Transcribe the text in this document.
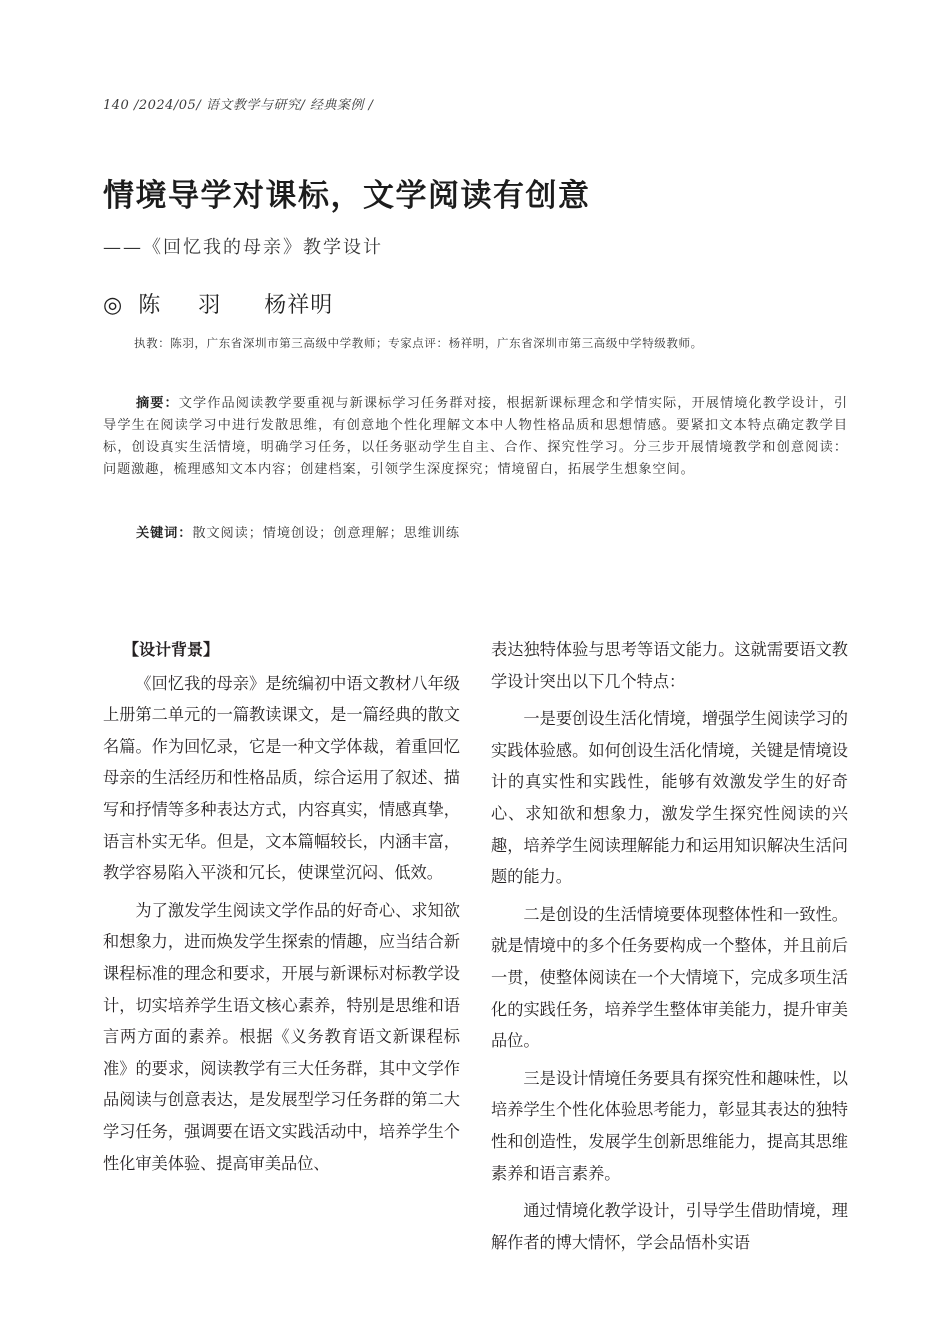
140 /2024/05/ 语文教学与研究/ 经典案例 /
情境导学对课标，文学阅读有创意
——《回忆我的母亲》教学设计
◎陈 羽 杨祥明
执教：陈羽，广东省深圳市第三高级中学教师；专家点评：杨祥明，广东省深圳市第三高级中学特级教师。
摘要：文学作品阅读教学要重视与新课标学习任务群对接，根据新课标理念和学情实际，开展情境化教学设计，引导学生在阅读学习中进行发散思维，有创意地个性化理解文本中人物性格品质和思想情感。要紧扣文本特点确定教学目标，创设真实生活情境，明确学习任务，以任务驱动学生自主、合作、探究性学习。分三步开展情境教学和创意阅读：问题激趣，梳理感知文本内容；创建档案，引领学生深度探究；情境留白，拓展学生想象空间。
关键词：散文阅读；情境创设；创意理解；思维训练
【设计背景】

《回忆我的母亲》是统编初中语文教材八年级上册第二单元的一篇教读课文，是一篇经典的散文名篇。作为回忆录，它是一种文学体裁，着重回忆母亲的生活经历和性格品质，综合运用了叙述、描写和抒情等多种表达方式，内容真实，情感真挚，语言朴实无华。但是，文本篇幅较长，内涵丰富，教学容易陷入平淡和冗长，使课堂沉闷、低效。

为了激发学生阅读文学作品的好奇心、求知欲和想象力，进而焕发学生探索的情趣，应当结合新课程标准的理念和要求，开展与新课标对标教学设计，切实培养学生语文核心素养，特别是思维和语言两方面的素养。根据《义务教育语文新课程标准》的要求，阅读教学有三大任务群，其中文学作品阅读与创意表达，是发展型学习任务群的第二大学习任务，强调要在语文实践活动中，培养学生个性化审美体验、提高审美品位、

表达独特体验与思考等语文能力。这就需要语文教学设计突出以下几个特点：

一是要创设生活化情境，增强学生阅读学习的实践体验感。如何创设生活化情境，关键是情境设计的真实性和实践性，能够有效激发学生的好奇心、求知欲和想象力，激发学生探究性阅读的兴趣，培养学生阅读理解能力和运用知识解决生活问题的能力。

二是创设的生活情境要体现整体性和一致性。就是情境中的多个任务要构成一个整体，并且前后一贯，使整体阅读在一个大情境下，完成多项生活化的实践任务，培养学生整体审美能力，提升审美品位。

三是设计情境任务要具有探究性和趣味性，以培养学生个性化体验思考能力，彰显其表达的独特性和创造性，发展学生创新思维能力，提高其思维素养和语言素养。

通过情境化教学设计，引导学生借助情境，理解作者的博大情怀，学会品悟朴实语
